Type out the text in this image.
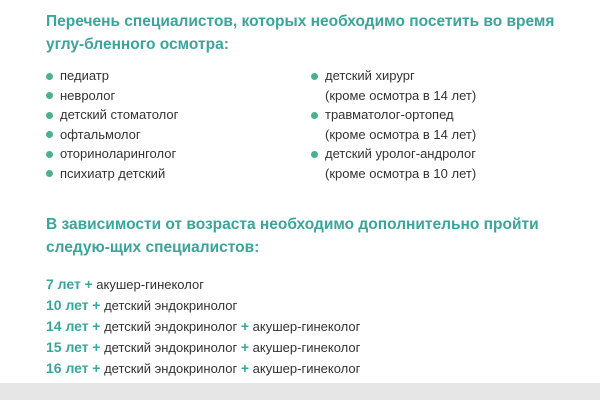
Перечень специалистов, которых необходимо посетить во время углу-бленного осмотра:

педиатр
невролог
детский стоматолог
офтальмолог
оториноларинголог
психиатр детский
детский хирург
(кроме осмотра в 14 лет)
травматолог-ортопед
(кроме осмотра в 14 лет)
детский уролог-андролог
(кроме осмотра в 10 лет)

В зависимости от возраста необходимо дополнительно пройти следую-щих специалистов:

7 лет + акушер-гинеколог
10 лет + детский эндокринолог
14 лет + детский эндокринолог + акушер-гинеколог
15 лет + детский эндокринолог + акушер-гинеколог
16 лет + детский эндокринолог + акушер-гинеколог
